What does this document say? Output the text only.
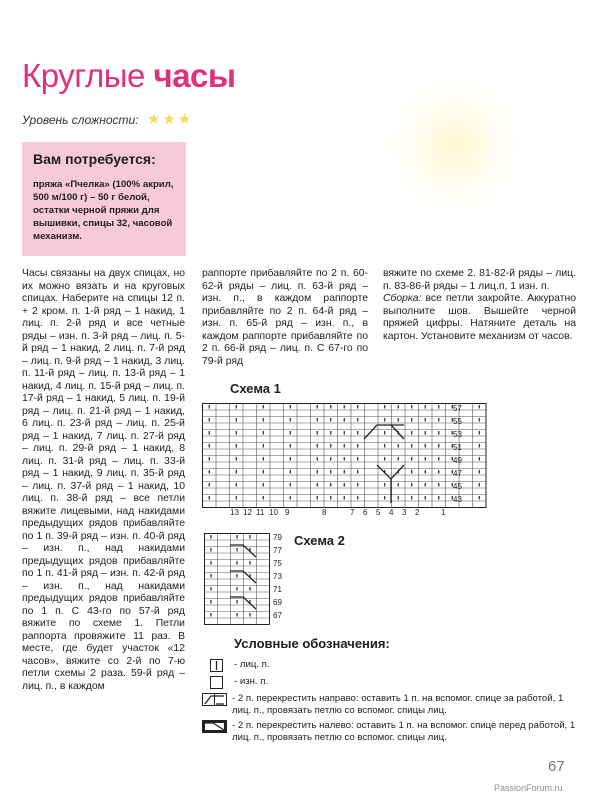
Круглые часы
Уровень сложности: ★ ★ ★
Вам потребуется:

пряжа «Пчелка» (100% акрил, 500 м/100 г) – 50 г белой, остатки черной пряжи для вышивки, спицы 32, часовой механизм.

Часы связаны на двух спицах, но их можно вязать и на круговых спицах. Наберите на спицы 12 п. + 2 кром. п. 1-й ряд – 1 накид, 1 лиц. п. 2-й ряд и все четные ряды – изн. п. 3-й ряд – лиц. п. 5-й ряд – 1 накид, 2 лиц. п. 7-й ряд – лиц. п. 9-й ряд – 1 накид, 3 лиц. п. 11-й ряд – лиц. п. 13-й ряд – 1 накид, 4 лиц. п. 15-й ряд – лиц. п. 17-й ряд – 1 накид, 5 лиц. п. 19-й ряд – лиц. п. 21-й ряд – 1 накид, 6 лиц. п. 23-й ряд – лиц. п. 25-й ряд – 1 накид, 7 лиц. п. 27-й ряд – лиц. п. 29-й ряд – 1 накид, 8 лиц. п. 31-й ряд – лиц. п. 33-й ряд – 1 накид, 9 лиц. п. 35-й ряд – лиц. п. 37-й ряд – 1 накид, 10 лиц. п. 38-й ряд – все петли вяжите лицевыми, над накидами предыдущих рядов прибавляйте по 1 п. 39-й ряд – изн. п. 40-й ряд – изн. п., над накидами предыдущих рядов прибавляйте по 1 п. 41-й ряд – изн. п. 42-й ряд – изн. п., над накидами предыдущих рядов прибавляйте по 1 п. С 43-го по 57-й ряд вяжите по схеме 1. Петли раппорта провяжите 11 раз. В месте, где будет участок «12 часов», вяжите со 2-й по 7-ю петли схемы 2 раза. 59-й ряд – лиц. п., в каждом

раппорте прибавляйте по 2 п. 60-62-й ряды – лиц. п. 63-й ряд – изн. п., в каждом раппорте прибавляйте по 2 п. 64-й ряд – изн. п. 65-й ряд – изн. п., в каждом раппорте прибавляйте по 2 п. 66-й ряд – лиц. п. С 67-го по 79-й ряд

вяжите по схеме 2. 81-82-й ряды – лиц. п. 83-86-й ряды – 1 лиц.п, 1 изн. п.

Сборка: все петли закройте. Аккуратно выполните шов. Вышейте черной пряжей цифры. Натяните деталь на картон. Установите механизм от часов.

Схема 1
57
55
53
51
49
47
45
43
13 12 11 10 9	8	7 6 5 4 3 2	1
79
77
75
73
71
69
67
Схема 2
Условные обозначения:
- лиц. п.
- изн. п.
- 2 п. перекрестить направо: оставить 1 п. на вспомог. спице за работой, 1 лиц. п., провязать петлю со вспомог. спицы лиц.
- 2 п. перекрестить налево: оставить 1 п. на вспомог. спице перед работой, 1 лиц. п., провязать петлю со вспомог. спицы лиц.
67
PassionForum.ru
